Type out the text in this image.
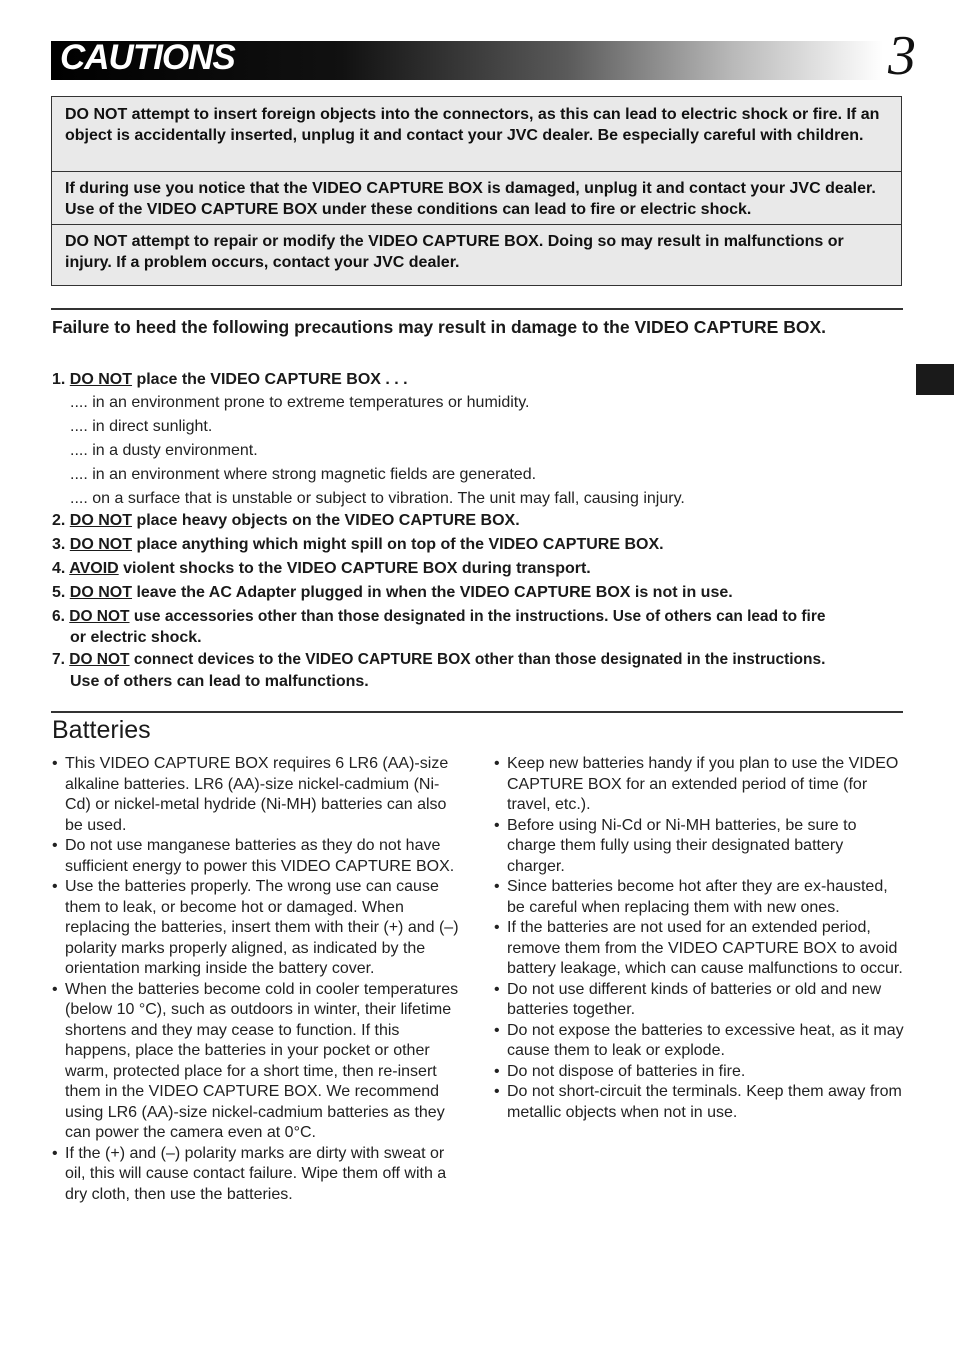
CAUTIONS	3
DO NOT attempt to insert foreign objects into the connectors, as this can lead to electric shock or fire. If an object is accidentally inserted, unplug it and contact your JVC dealer. Be especially careful with children.
If during use you notice that the VIDEO CAPTURE BOX is damaged, unplug it and contact your JVC dealer. Use of the VIDEO CAPTURE BOX under these conditions can lead to fire or electric shock.
DO NOT attempt to repair or modify the VIDEO CAPTURE BOX. Doing so may result in malfunctions or injury. If a problem occurs, contact your JVC dealer.
Failure to heed the following precautions may result in damage to the VIDEO CAPTURE BOX.
1. DO NOT place the VIDEO CAPTURE BOX . . .
.... in an environment prone to extreme temperatures or humidity.
.... in direct sunlight.
.... in a dusty environment.
.... in an environment where strong magnetic fields are generated.
.... on a surface that is unstable or subject to vibration. The unit may fall, causing injury.
2. DO NOT place heavy objects on the VIDEO CAPTURE BOX.
3. DO NOT place anything which might spill on top of the VIDEO CAPTURE BOX.
4. AVOID violent shocks to the VIDEO CAPTURE BOX during transport.
5. DO NOT leave the AC Adapter plugged in when the VIDEO CAPTURE BOX is not in use.
6. DO NOT use accessories other than those designated in the instructions. Use of others can lead to fire
or electric shock.
7. DO NOT connect devices to the VIDEO CAPTURE BOX other than those designated in the instructions.
Use of others can lead to malfunctions.
Batteries
• This VIDEO CAPTURE BOX requires 6 LR6 (AA)-size alkaline batteries. LR6 (AA)-size nickel-cadmium (Ni-Cd) or nickel-metal hydride (Ni-MH) batteries can also be used.
• Do not use manganese batteries as they do not have sufficient energy to power this VIDEO CAPTURE BOX.
• Use the batteries properly. The wrong use can cause them to leak, or become hot or damaged. When replacing the batteries, insert them with their (+) and (–) polarity marks properly aligned, as indicated by the orientation marking inside the battery cover.
• When the batteries become cold in cooler temperatures (below 10 °C), such as outdoors in winter, their lifetime shortens and they may cease to function. If this happens, place the batteries in your pocket or other warm, protected place for a short time, then re-insert them in the VIDEO CAPTURE BOX. We recommend using LR6 (AA)-size nickel-cadmium batteries as they can power the camera even at 0°C.
• If the (+) and (–) polarity marks are dirty with sweat or oil, this will cause contact failure. Wipe them off with a dry cloth, then use the batteries.
• Keep new batteries handy if you plan to use the VIDEO CAPTURE BOX for an extended period of time (for travel, etc.).
• Before using Ni-Cd or Ni-MH batteries, be sure to charge them fully using their designated battery charger.
• Since batteries become hot after they are ex-hausted, be careful when replacing them with new ones.
• If the batteries are not used for an extended period, remove them from the VIDEO CAPTURE BOX to avoid battery leakage, which can cause malfunctions to occur.
• Do not use different kinds of batteries or old and new batteries together.
• Do not expose the batteries to excessive heat, as it may cause them to leak or explode.
• Do not dispose of batteries in fire.
• Do not short-circuit the terminals. Keep them away from metallic objects when not in use.
